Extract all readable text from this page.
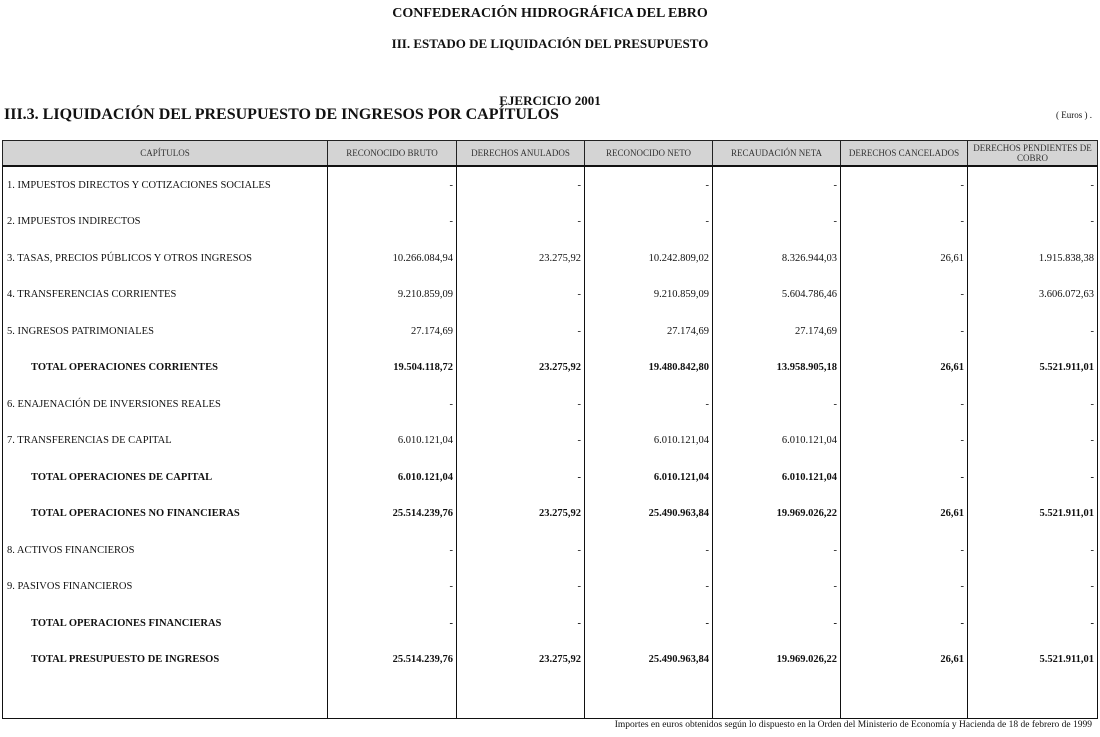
CONFEDERACIÓN HIDROGRÁFICA DEL EBRO
III. ESTADO DE LIQUIDACIÓN DEL PRESUPUESTO
EJERCICIO 2001
III.3. LIQUIDACIÓN DEL PRESUPUESTO DE INGRESOS POR CAPÍTULOS	( Euros ) .
CAPÍTULOS	RECONOCIDO BRUTO	DERECHOS ANULADOS	RECONOCIDO NETO	RECAUDACIÓN NETA	DERECHOS CANCELADOS	DERECHOS PENDIENTES DE COBRO
1. IMPUESTOS DIRECTOS Y COTIZACIONES SOCIALES	-	-	-	-	-	-
2. IMPUESTOS INDIRECTOS	-	-	-	-	-	-
3. TASAS, PRECIOS PÚBLICOS Y OTROS INGRESOS	10.266.084,94	23.275,92	10.242.809,02	8.326.944,03	26,61	1.915.838,38
4. TRANSFERENCIAS CORRIENTES	9.210.859,09	-	9.210.859,09	5.604.786,46	-	3.606.072,63
5. INGRESOS PATRIMONIALES	27.174,69	-	27.174,69	27.174,69	-	-
TOTAL OPERACIONES CORRIENTES	19.504.118,72	23.275,92	19.480.842,80	13.958.905,18	26,61	5.521.911,01
6. ENAJENACIÓN DE INVERSIONES REALES	-	-	-	-	-	-
7. TRANSFERENCIAS DE CAPITAL	6.010.121,04	-	6.010.121,04	6.010.121,04	-	-
TOTAL OPERACIONES DE CAPITAL	6.010.121,04	-	6.010.121,04	6.010.121,04	-	-
TOTAL OPERACIONES NO FINANCIERAS	25.514.239,76	23.275,92	25.490.963,84	19.969.026,22	26,61	5.521.911,01
8. ACTIVOS FINANCIEROS	-	-	-	-	-	-
9. PASIVOS FINANCIEROS	-	-	-	-	-	-
TOTAL OPERACIONES FINANCIERAS	-	-	-	-	-	-
TOTAL PRESUPUESTO DE INGRESOS	25.514.239,76	23.275,92	25.490.963,84	19.969.026,22	26,61	5.521.911,01

Importes en euros obtenidos según lo dispuesto en la Orden del Ministerio de Economía y Hacienda de 18 de febrero de 1999
